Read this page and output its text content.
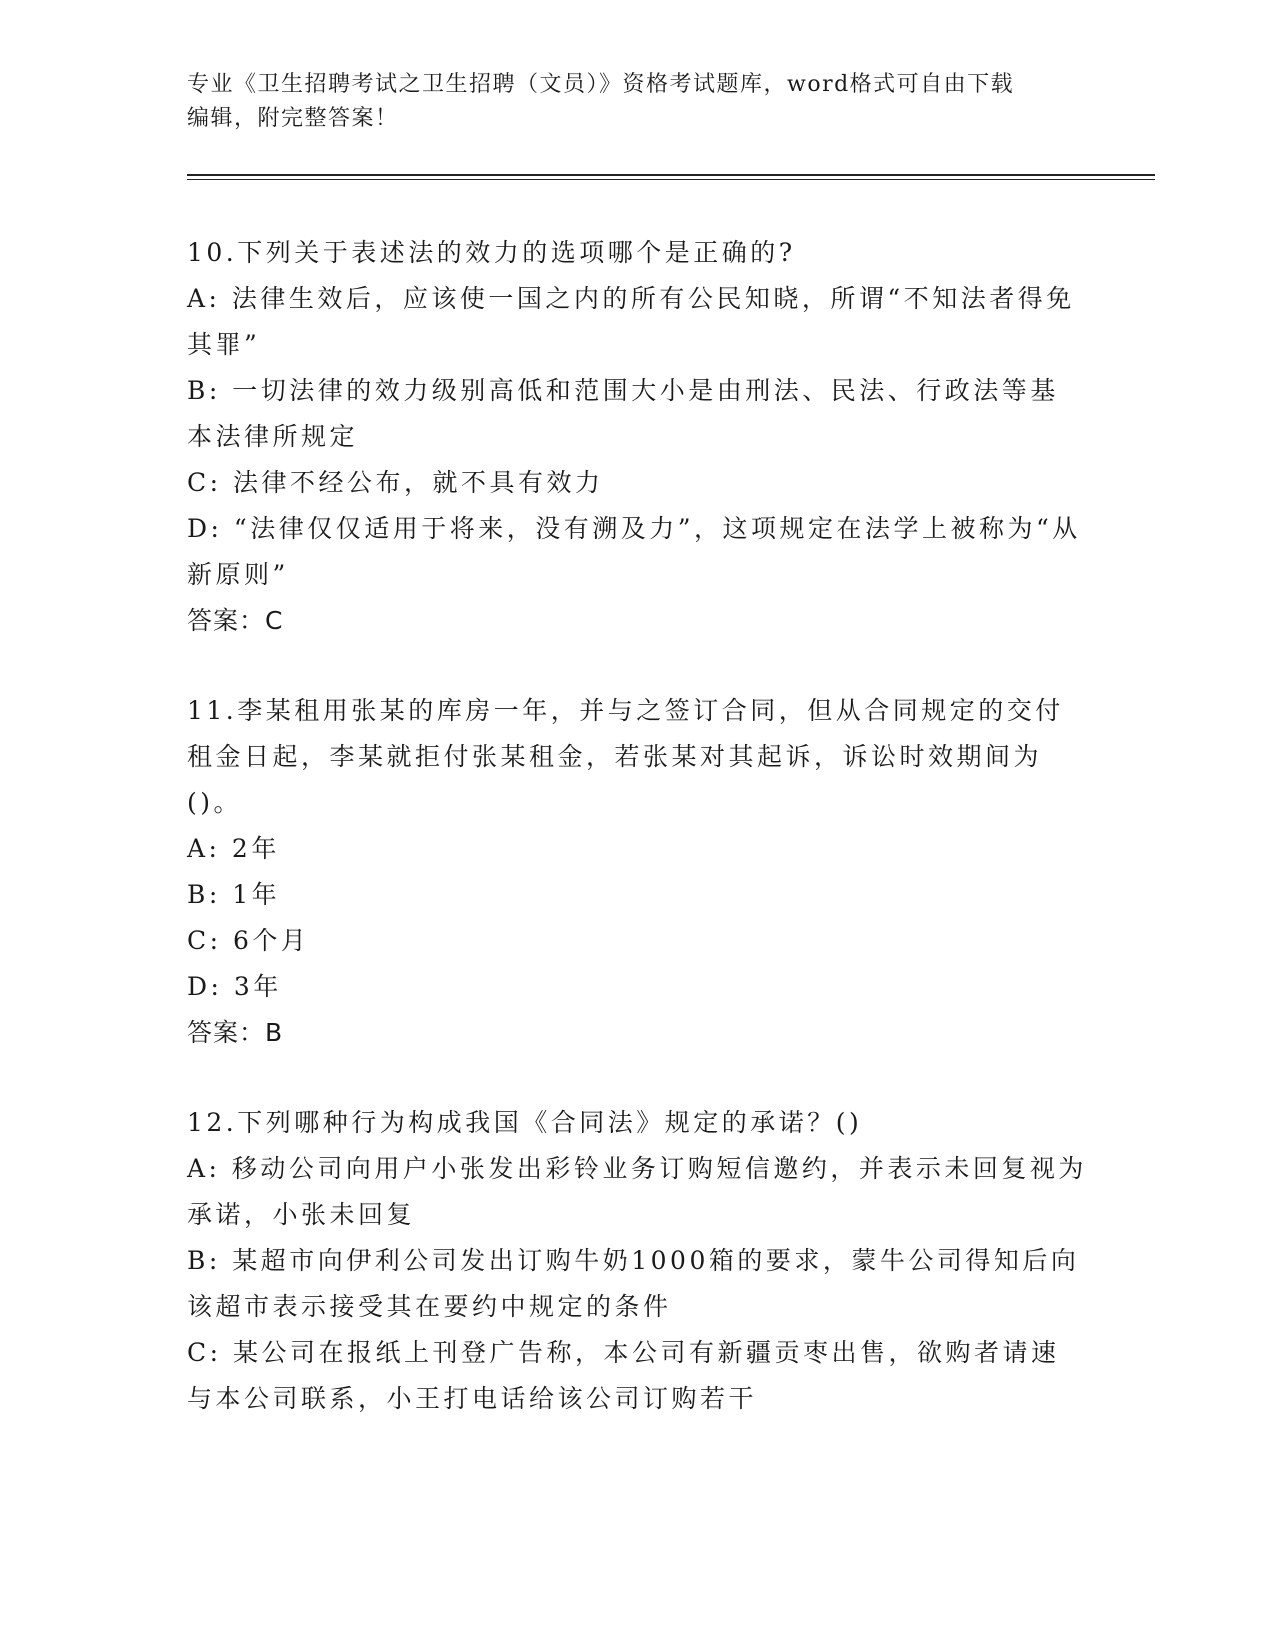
专业《卫生招聘考试之卫生招聘（文员）》资格考试题库，word格式可自由下载

编辑，附完整答案！

10.下列关于表述法的效力的选项哪个是正确的?

A: 法律生效后，应该使一国之内的所有公民知晓，所谓“不知法者得免其罪”

B: 一切法律的效力级别高低和范围大小是由刑法、民法、行政法等基本法律所规定

C: 法律不经公布，就不具有效力

D: “法律仅仅适用于将来，没有溯及力”，这项规定在法学上被称为“从新原则”

答案：C

11.李某租用张某的库房一年，并与之签订合同，但从合同规定的交付租金日起，李某就拒付张某租金，若张某对其起诉，诉讼时效期间为()。

A: 2年

B: 1年

C: 6个月

D: 3年

答案：B

12.下列哪种行为构成我国《合同法》规定的承诺？()

A: 移动公司向用户小张发出彩铃业务订购短信邀约，并表示未回复视为承诺，小张未回复

B: 某超市向伊利公司发出订购牛奶1000箱的要求，蒙牛公司得知后向该超市表示接受其在要约中规定的条件

C: 某公司在报纸上刊登广告称，本公司有新疆贡枣出售，欲购者请速与本公司联系，小王打电话给该公司订购若干
